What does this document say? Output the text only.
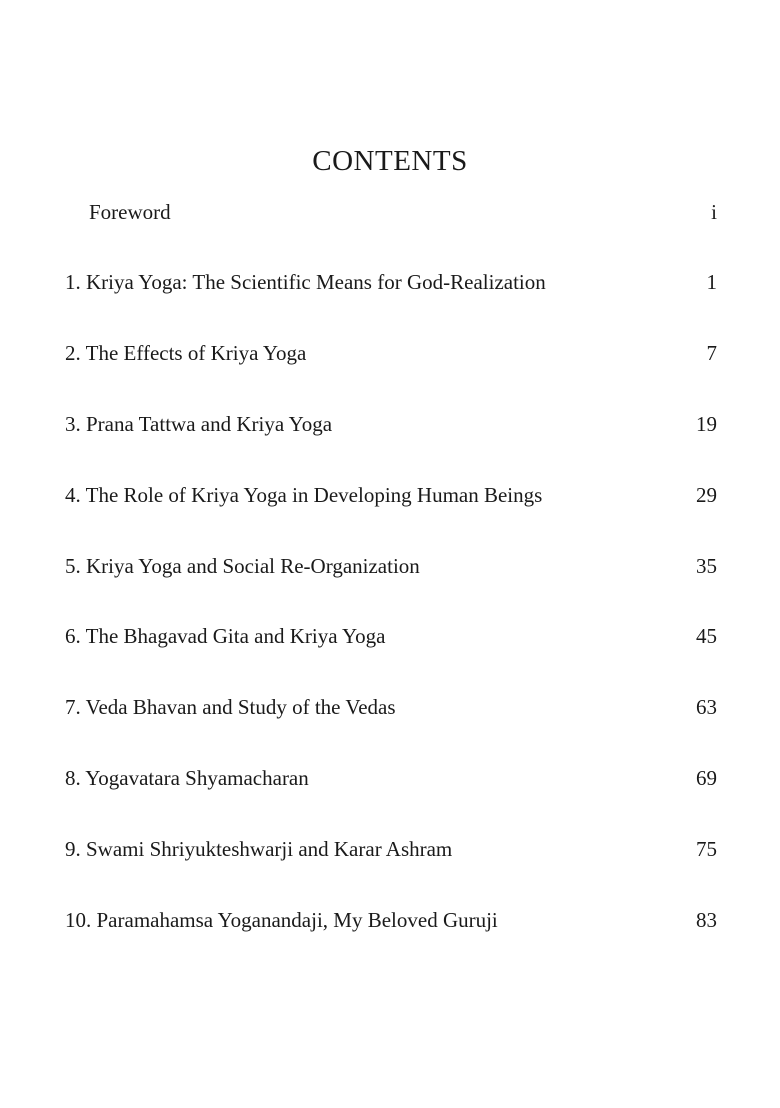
CONTENTS
Foreword	i
1. Kriya Yoga: The Scientific Means for God-Realization	1
2. The Effects of Kriya Yoga	7
3. Prana Tattwa and Kriya Yoga	19
4. The Role of Kriya Yoga in Developing Human Beings	29
5. Kriya Yoga and Social Re-Organization	35
6. The Bhagavad Gita and Kriya Yoga	45
7. Veda Bhavan and Study of the Vedas	63
8. Yogavatara Shyamacharan	69
9. Swami Shriyukteshwarji and Karar Ashram	75
10. Paramahamsa Yoganandaji, My Beloved Guruji	83
